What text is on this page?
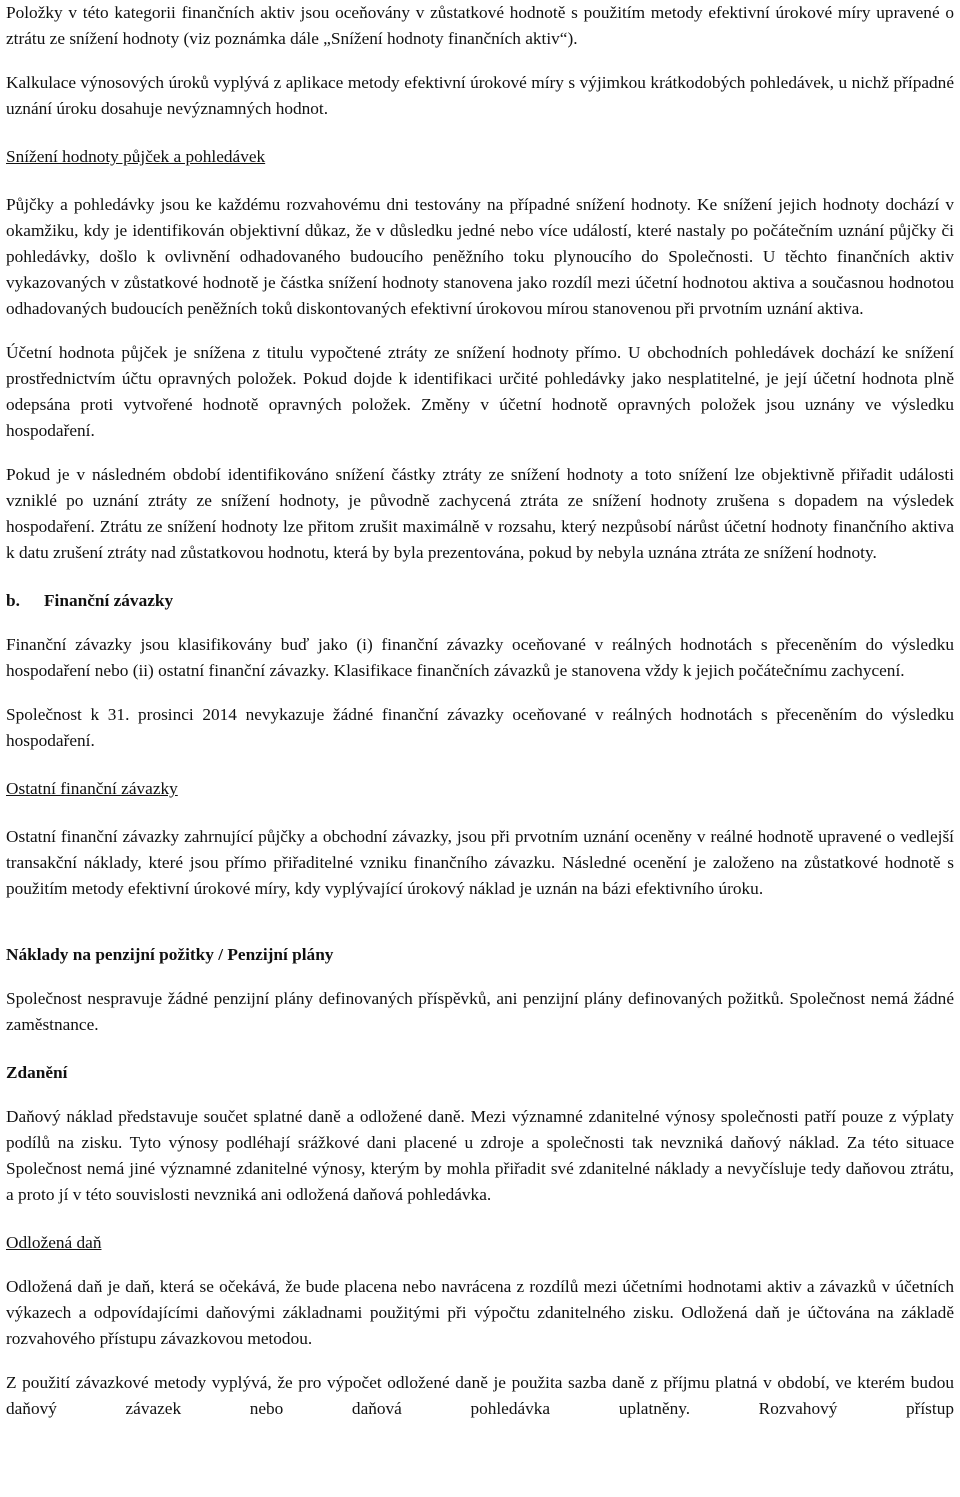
Položky v této kategorii finančních aktiv jsou oceňovány v zůstatkové hodnotě s použitím metody efektivní úrokové míry upravené o ztrátu ze snížení hodnoty (viz poznámka dále „Snížení hodnoty finančních aktiv“).

Kalkulace výnosových úroků vyplývá z aplikace metody efektivní úrokové míry s výjimkou krátkodobých pohledávek, u nichž případné uznání úroku dosahuje nevýznamných hodnot.

Snížení hodnoty půjček a pohledávek

Půjčky a pohledávky jsou ke každému rozvahovému dni testovány na případné snížení hodnoty. Ke snížení jejich hodnoty dochází v okamžiku, kdy je identifikován objektivní důkaz, že v důsledku jedné nebo více událostí, které nastaly po počátečním uznání půjčky či pohledávky, došlo k ovlivnění odhadovaného budoucího peněžního toku plynoucího do Společnosti. U těchto finančních aktiv vykazovaných v zůstatkové hodnotě je částka snížení hodnoty stanovena jako rozdíl mezi účetní hodnotou aktiva a současnou hodnotou odhadovaných budoucích peněžních toků diskontovaných efektivní úrokovou mírou stanovenou při prvotním uznání aktiva.

Účetní hodnota půjček je snížena z titulu vypočtené ztráty ze snížení hodnoty přímo. U obchodních pohledávek dochází ke snížení prostřednictvím účtu opravných položek. Pokud dojde k identifikaci určité pohledávky jako nesplatitelné, je její účetní hodnota plně odepsána proti vytvořené hodnotě opravných položek. Změny v účetní hodnotě opravných položek jsou uznány ve výsledku hospodaření.

Pokud je v následném období identifikováno snížení částky ztráty ze snížení hodnoty a toto snížení lze objektivně přiřadit události vzniklé po uznání ztráty ze snížení hodnoty, je původně zachycená ztráta ze snížení hodnoty zrušena s dopadem na výsledek hospodaření. Ztrátu ze snížení hodnoty lze přitom zrušit maximálně v rozsahu, který nezpůsobí nárůst účetní hodnoty finančního aktiva k datu zrušení ztráty nad zůstatkovou hodnotu, která by byla prezentována, pokud by nebyla uznána ztráta ze snížení hodnoty.

b. Finanční závazky

Finanční závazky jsou klasifikovány buď jako (i) finanční závazky oceňované v reálných hodnotách s přeceněním do výsledku hospodaření nebo (ii) ostatní finanční závazky. Klasifikace finančních závazků je stanovena vždy k jejich počátečnímu zachycení.

Společnost k 31. prosinci 2014 nevykazuje žádné finanční závazky oceňované v reálných hodnotách s přeceněním do výsledku hospodaření.

Ostatní finanční závazky

Ostatní finanční závazky zahrnující půjčky a obchodní závazky, jsou při prvotním uznání oceněny v reálné hodnotě upravené o vedlejší transakční náklady, které jsou přímo přiřaditelné vzniku finančního závazku. Následné ocenění je založeno na zůstatkové hodnotě s použitím metody efektivní úrokové míry, kdy vyplývající úrokový náklad je uznán na bázi efektivního úroku.

Náklady na penzijní požitky / Penzijní plány

Společnost nespravuje žádné penzijní plány definovaných příspěvků, ani penzijní plány definovaných požitků. Společnost nemá žádné zaměstnance.

Zdanění

Daňový náklad představuje součet splatné daně a odložené daně. Mezi významné zdanitelné výnosy společnosti patří pouze z výplaty podílů na zisku. Tyto výnosy podléhají srážkové dani placené u zdroje a společnosti tak nevzniká daňový náklad. Za této situace Společnost nemá jiné významné zdanitelné výnosy, kterým by mohla přiřadit své zdanitelné náklady a nevyčísluje tedy daňovou ztrátu, a proto jí v této souvislosti nevzniká ani odložená daňová pohledávka.

Odložená daň

Odložená daň je daň, která se očekává, že bude placena nebo navrácena z rozdílů mezi účetními hodnotami aktiv a závazků v účetních výkazech a odpovídajícími daňovými základnami použitými při výpočtu zdanitelného zisku. Odložená daň je účtována na základě rozvahového přístupu závazkovou metodou.

Z použití závazkové metody vyplývá, že pro výpočet odložené daně je použita sazba daně z příjmu platná v období, ve kterém budou daňový závazek nebo daňová pohledávka uplatněny. Rozvahový přístup
